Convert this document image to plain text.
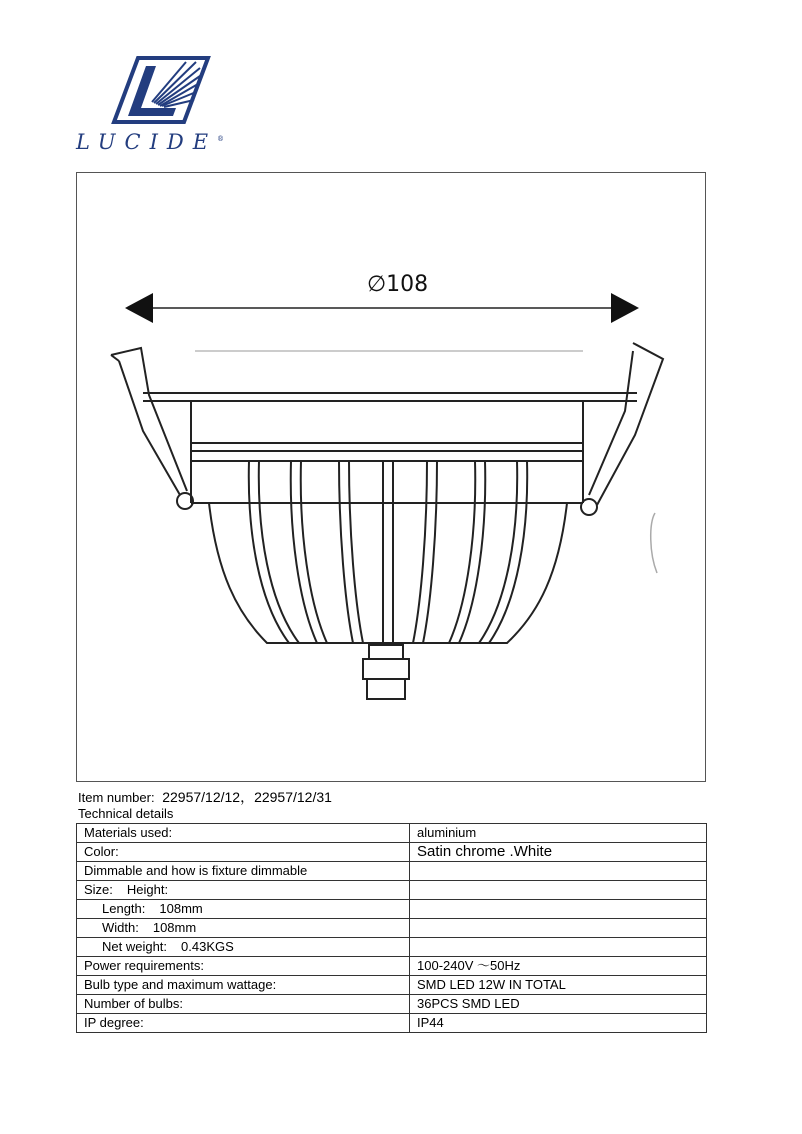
LUCIDE®
∅108
Item number: 22957/12/12，22957/12/31
Technical details
Materials used:	aluminium
Color:	Satin chrome .White
Dimmable and how is fixture dimmable	
Size: Height:	
Length: 108mm	
Width: 108mm	
Net weight: 0.43KGS	
Power requirements:	100-240V ～50Hz
Bulb type and maximum wattage:	SMD LED 12W IN TOTAL
Number of bulbs:	36PCS SMD LED
IP degree:	IP44
